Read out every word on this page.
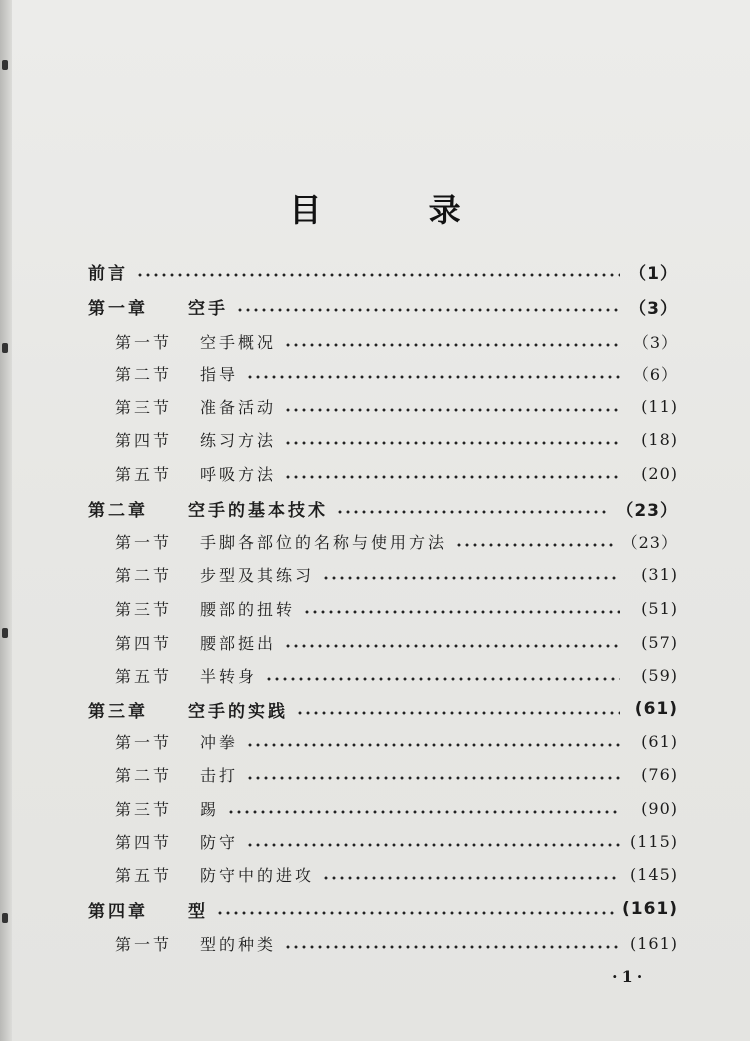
目 录
前言	（1）
第一章	空手	（3）
第一节	空手概况	（3）
第二节	指导	（6）
第三节	准备活动	(11)
第四节	练习方法	(18)
第五节	呼吸方法	(20)
第二章	空手的基本技术	（23）
第一节	手脚各部位的名称与使用方法	（23）
第二节	步型及其练习	(31)
第三节	腰部的扭转	(51)
第四节	腰部挺出	(57)
第五节	半转身	(59)
第三章	空手的实践	(61)
第一节	冲拳	(61)
第二节	击打	(76)
第三节	踢	(90)
第四节	防守	(115)
第五节	防守中的进攻	(145)
第四章	型	(161)
第一节	型的种类	(161)
·1·
